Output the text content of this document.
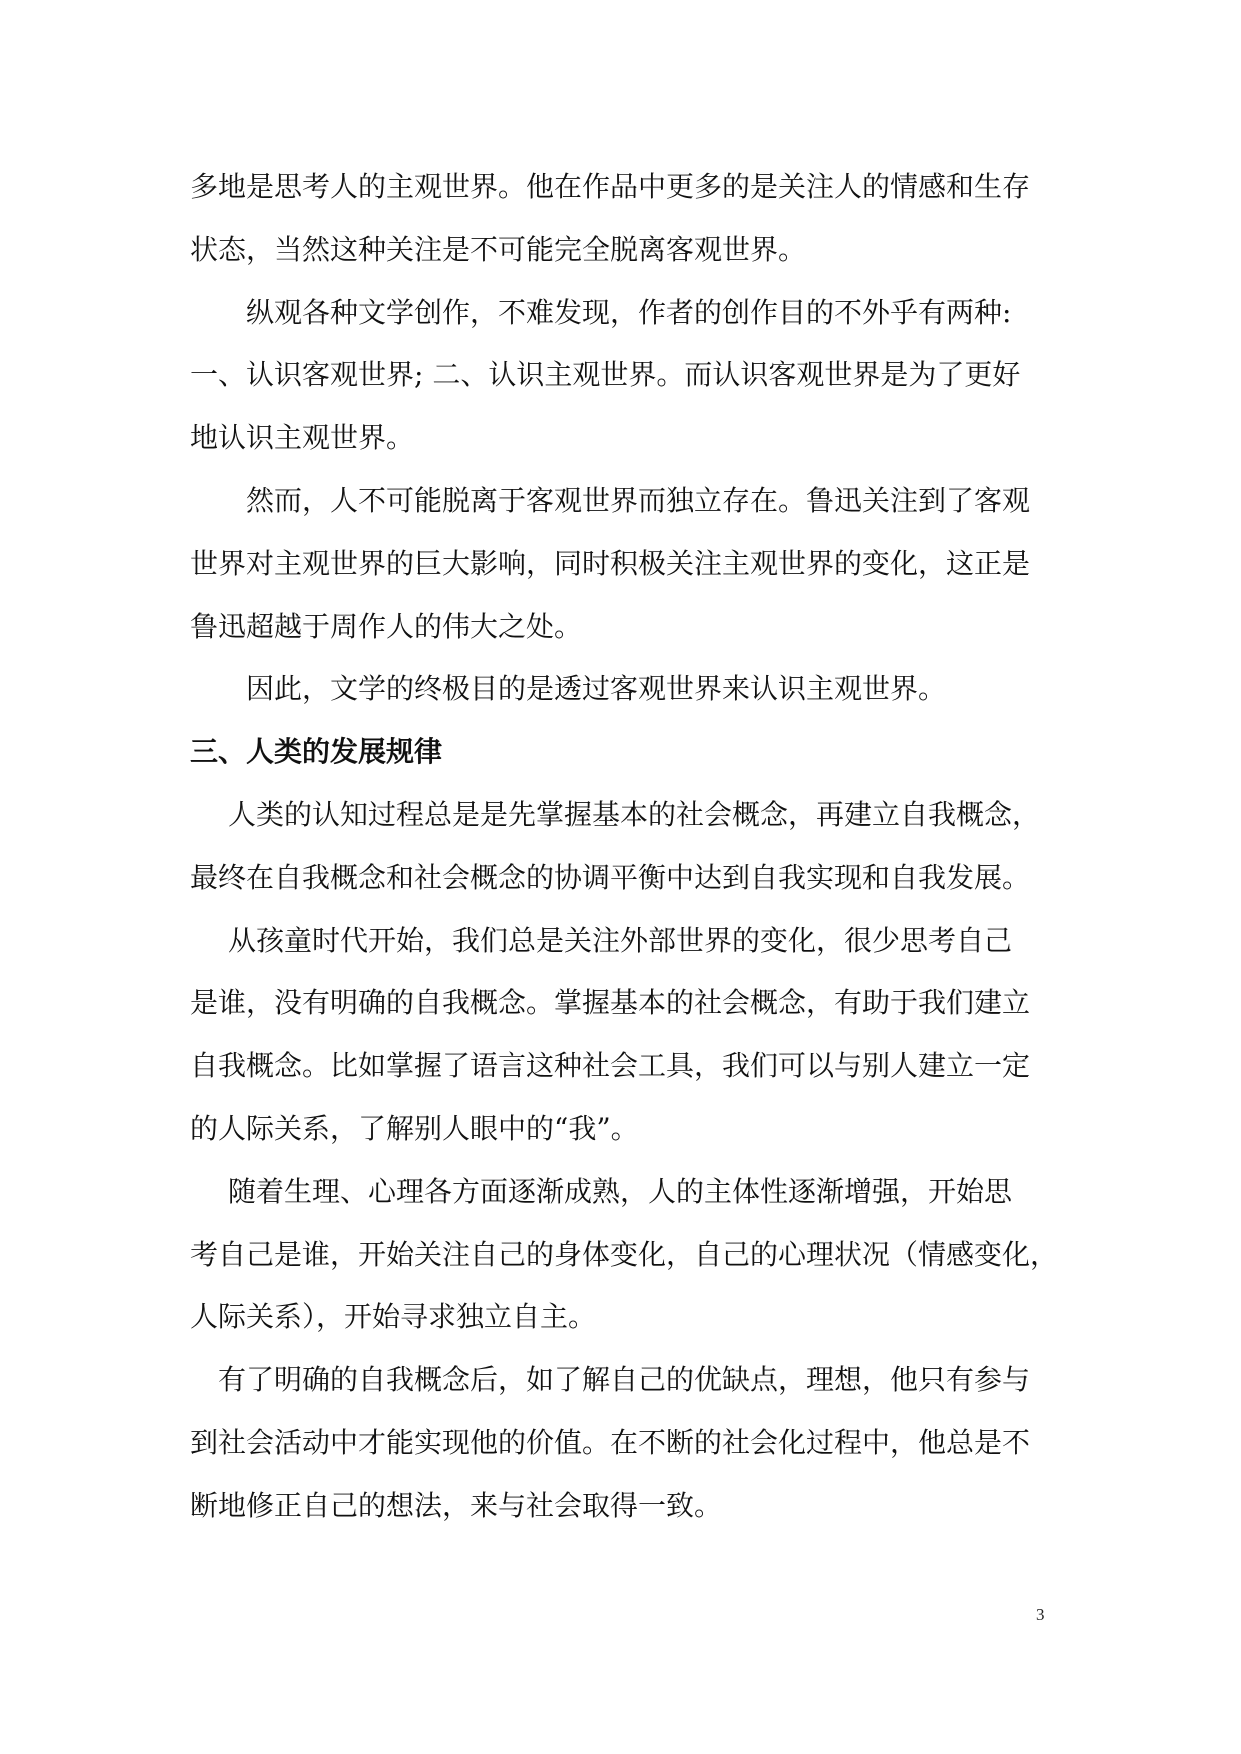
多地是思考人的主观世界。他在作品中更多的是关注人的情感和生存
状态，当然这种关注是不可能完全脱离客观世界。
纵观各种文学创作，不难发现，作者的创作目的不外乎有两种:
一、认识客观世界; 二、认识主观世界。而认识客观世界是为了更好
地认识主观世界。
然而，人不可能脱离于客观世界而独立存在。鲁迅关注到了客观
世界对主观世界的巨大影响，同时积极关注主观世界的变化，这正是
鲁迅超越于周作人的伟大之处。
因此，文学的终极目的是透过客观世界来认识主观世界。
三、人类的发展规律
人类的认知过程总是是先掌握基本的社会概念，再建立自我概念，
最终在自我概念和社会概念的协调平衡中达到自我实现和自我发展。
从孩童时代开始，我们总是关注外部世界的变化，很少思考自己
是谁，没有明确的自我概念。掌握基本的社会概念，有助于我们建立
自我概念。比如掌握了语言这种社会工具，我们可以与别人建立一定
的人际关系，了解别人眼中的“我”。
随着生理、心理各方面逐渐成熟，人的主体性逐渐增强，开始思
考自己是谁，开始关注自己的身体变化，自己的心理状况（情感变化，
人际关系），开始寻求独立自主。
有了明确的自我概念后，如了解自己的优缺点，理想，他只有参与
到社会活动中才能实现他的价值。在不断的社会化过程中，他总是不
断地修正自己的想法，来与社会取得一致。
3
